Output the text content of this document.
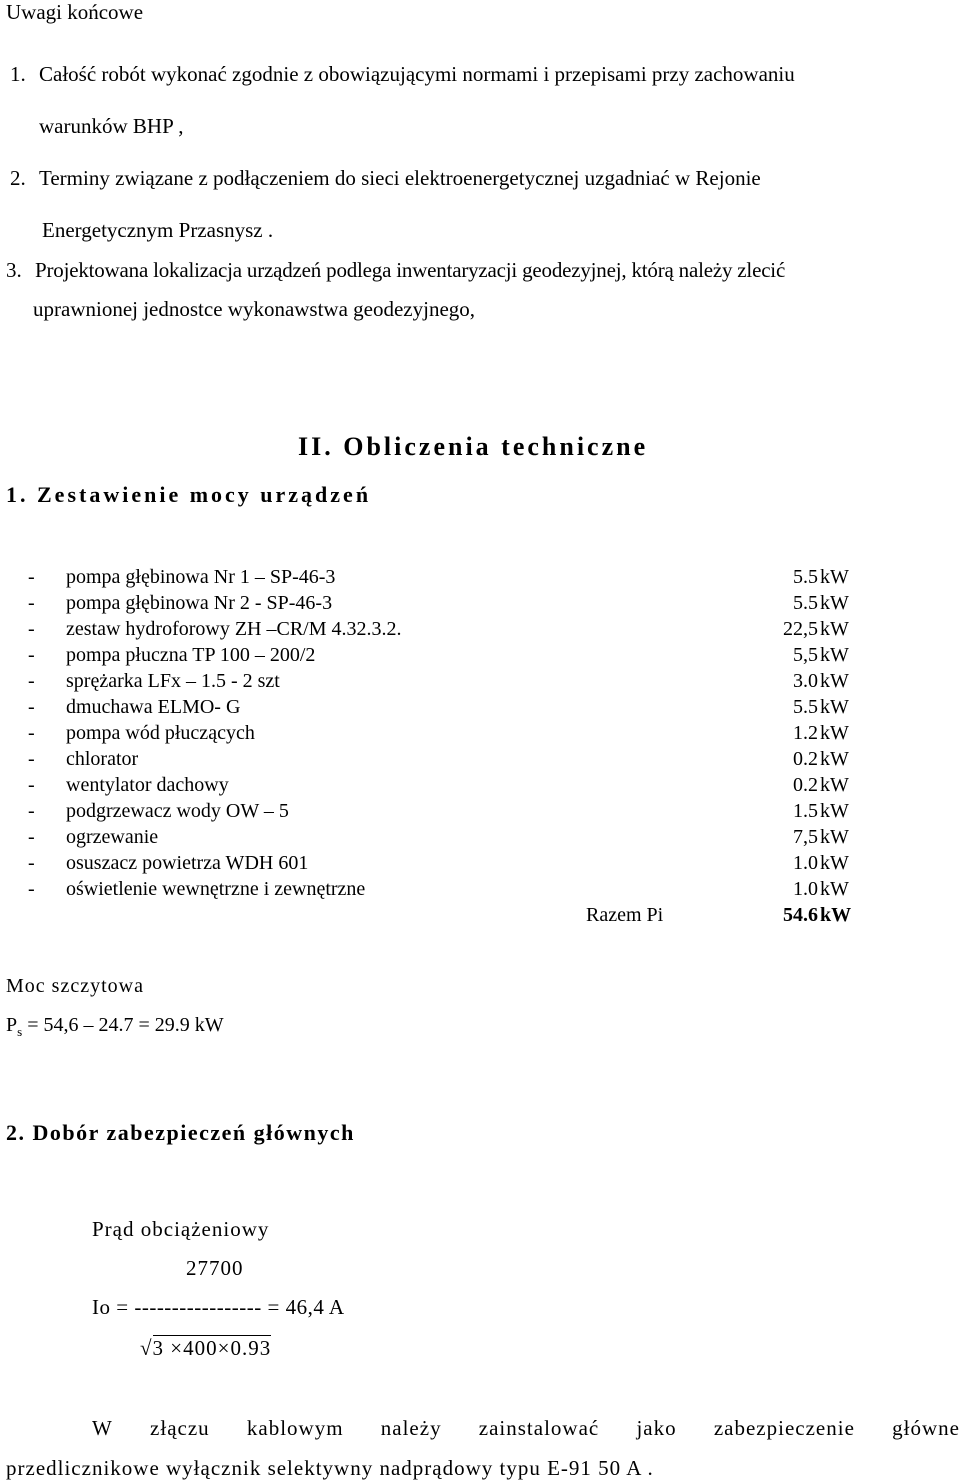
Uwagi końcowe
1. Całość robót wykonać zgodnie z obowiązującymi normami i przepisami przy zachowaniu
warunków BHP ,
2. Terminy związane z podłączeniem do sieci elektroenergetycznej uzgadniać w Rejonie
Energetycznym Przasnysz .
3. Projektowana lokalizacja urządzeń podlega inwentaryzacji geodezyjnej, którą należy zlecić
uprawnionej jednostce wykonawstwa geodezyjnego,
II. Obliczenia techniczne
1. Zestawienie mocy urządzeń
- pompa głębinowa Nr 1 – SP-46-3	5.5 kW
- pompa głębinowa Nr 2 - SP-46-3	5.5 kW
- zestaw hydroforowy ZH –CR/M 4.32.3.2.	22,5 kW
- pompa płuczna TP 100 – 200/2	5,5 kW
- sprężarka LFx – 1.5 - 2 szt	3.0 kW
- dmuchawa ELMO- G	5.5 kW
- pompa wód płuczących	1.2 kW
- chlorator	0.2 kW
- wentylator dachowy	0.2 kW
- podgrzewacz wody OW – 5	1.5 kW
- ogrzewanie	7,5 kW
- osuszacz powietrza WDH 601	1.0 kW
- oświetlenie wewnętrzne i zewnętrzne	1.0 kW
Razem Pi	54.6 kW
Moc szczytowa
$P_s = 54,6 - 24.7 = 29.9$ kW
2. Dobór zabezpieczeń głównych
Prąd obciążeniowy
27700
Io = ----------------- = 46,4 A
√3 ×400×0.93
W złączu kablowym należy zainstalować jako zabezpieczenie główne
przedlicznikowe wyłącznik selektywny nadprądowy typu E-91 50 A .
